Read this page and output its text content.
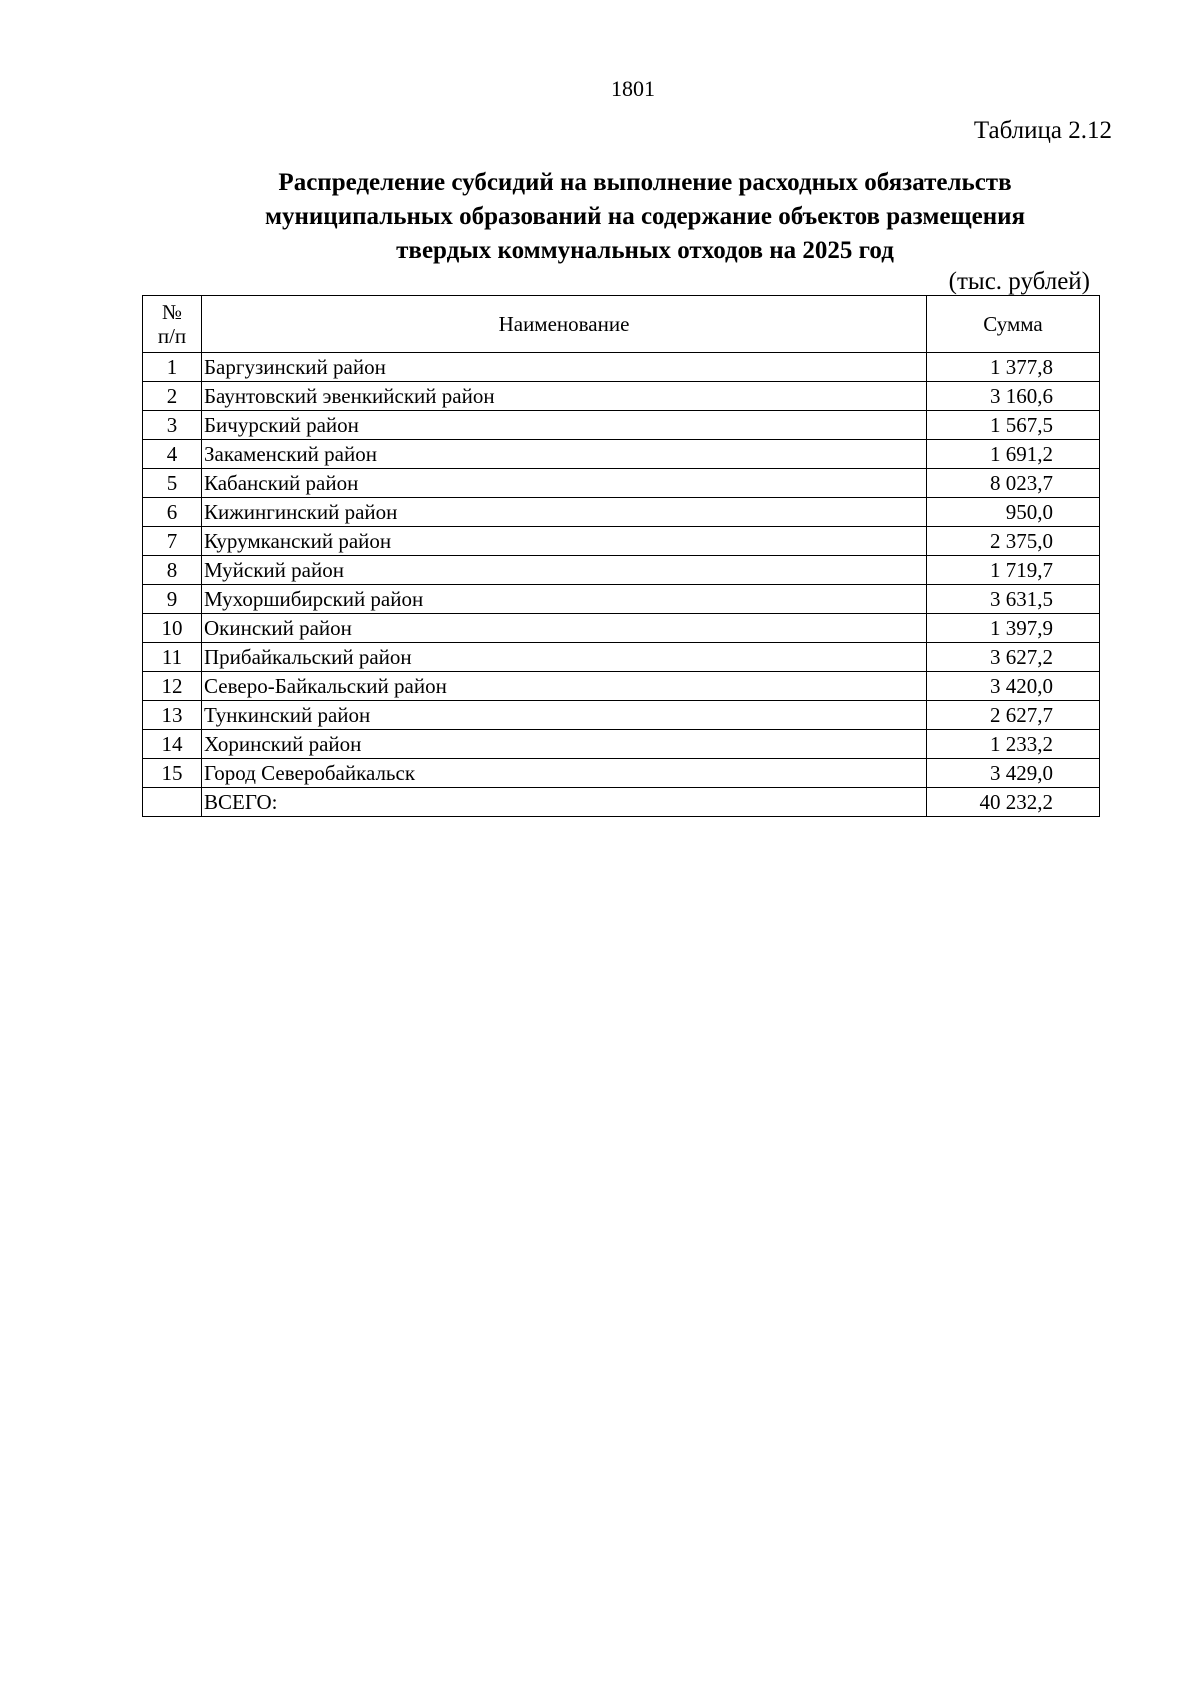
1801
Таблица 2.12
Распределение субсидий на выполнение расходных обязательств
муниципальных образований на содержание объектов размещения
твердых коммунальных отходов на 2025 год
(тыс. рублей)
№
п/п	Наименование	Сумма
1	Баргузинский район	1 377,8
2	Баунтовский эвенкийский район	3 160,6
3	Бичурский район	1 567,5
4	Закаменский район	1 691,2
5	Кабанский район	8 023,7
6	Кижингинский район	950,0
7	Курумканский район	2 375,0
8	Муйский район	1 719,7
9	Мухоршибирский район	3 631,5
10	Окинский район	1 397,9
11	Прибайкальский район	3 627,2
12	Северо-Байкальский район	3 420,0
13	Тункинский район	2 627,7
14	Хоринский район	1 233,2
15	Город Северобайкальск	3 429,0
	ВСЕГО:	40 232,2
